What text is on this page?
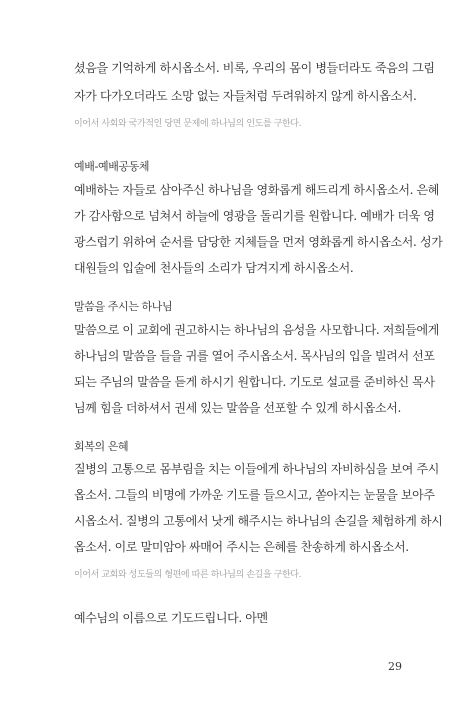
셨음을 기억하게 하시옵소서. 비록, 우리의 몸이 병들더라도 죽음의 그림
자가 다가오더라도 소망 없는 자들처럼 두려워하지 않게 하시옵소서.
이어서 사회와 국가적인 당면 문제에 하나님의 인도를 구한다.
예배-예배공동체
예배하는 자들로 삼아주신 하나님을 영화롭게 해드리게 하시옵소서. 은혜
가 감사함으로 넘쳐서 하늘에 영광을 돌리기를 원합니다. 예배가 더욱 영
광스럽기 위하여 순서를 담당한 지체들을 먼저 영화롭게 하시옵소서. 성가
대원들의 입술에 천사들의 소리가 담겨지게 하시옵소서.
말씀을 주시는 하나님
말씀으로 이 교회에 권고하시는 하나님의 음성을 사모합니다. 저희들에게
하나님의 말씀을 들을 귀를 열어 주시옵소서. 목사님의 입을 빌려서 선포
되는 주님의 말씀을 듣게 하시기 원합니다. 기도로 설교를 준비하신 목사
님께 힘을 더하셔서 권세 있는 말씀을 선포할 수 있게 하시옵소서.
회복의 은혜
질병의 고통으로 몸부림을 치는 이들에게 하나님의 자비하심을 보여 주시
옵소서. 그들의 비명에 가까운 기도를 들으시고, 쏟아지는 눈물을 보아주
시옵소서. 질병의 고통에서 낫게 해주시는 하나님의 손길을 체험하게 하시
옵소서. 이로 말미암아 싸매어 주시는 은혜를 찬송하게 하시옵소서.
이어서 교회와 성도들의 형편에 따른 하나님의 손길을 구한다.
예수님의 이름으로 기도드립니다. 아멘
29
